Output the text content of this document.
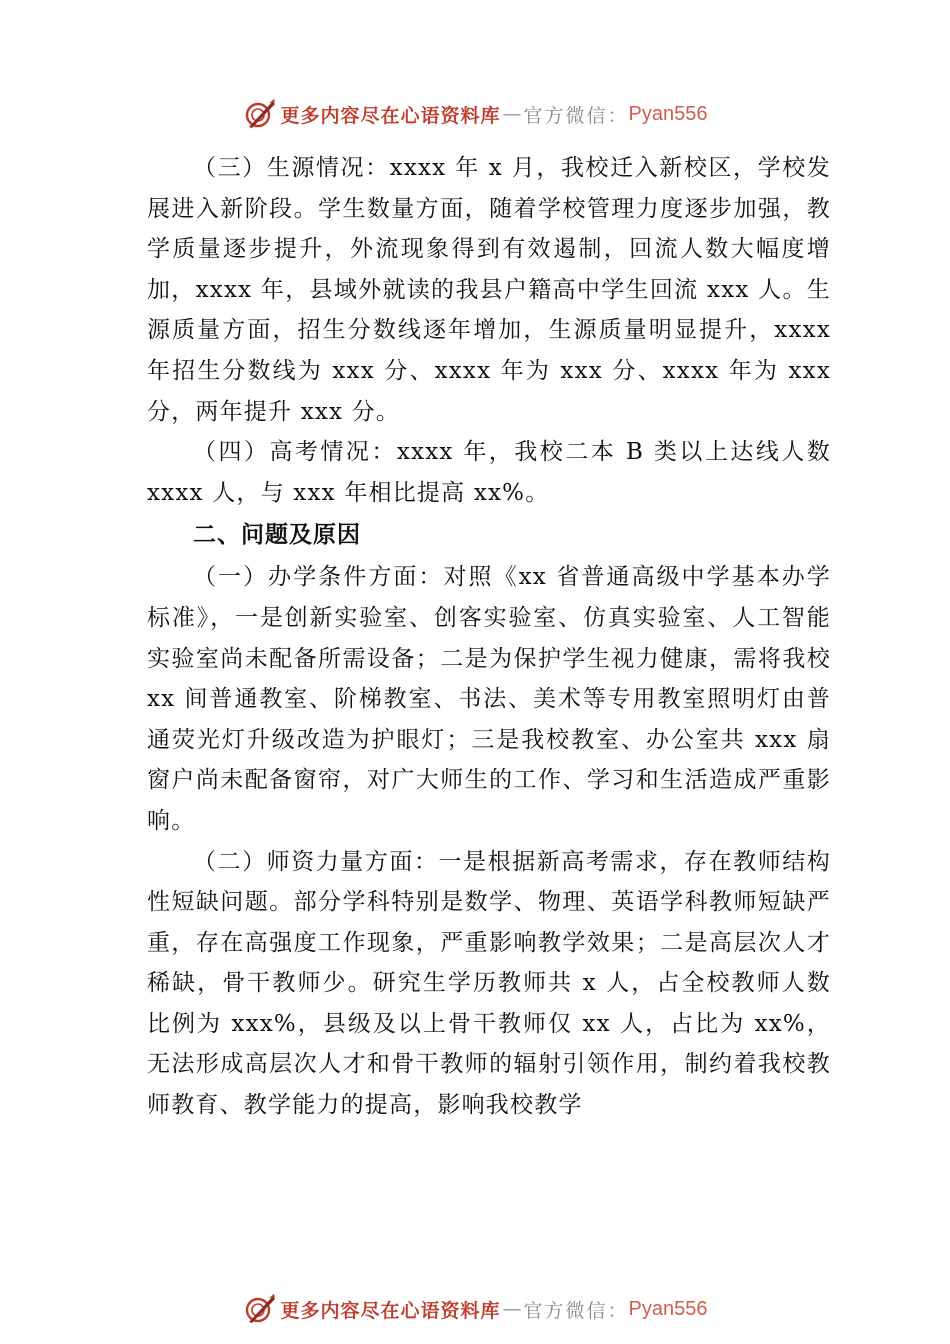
更多内容尽在心语资料库 — 官方微信： Pyan556

（三）生源情况：xxxx 年 x 月，我校迁入新校区，学校发展进入新阶段。学生数量方面，随着学校管理力度逐步加强，教学质量逐步提升，外流现象得到有效遏制，回流人数大幅度增加，xxxx 年，县域外就读的我县户籍高中学生回流 xxx 人。生源质量方面，招生分数线逐年增加，生源质量明显提升，xxxx 年招生分数线为 xxx 分、xxxx 年为 xxx 分、xxxx 年为 xxx 分，两年提升 xxx 分。

（四）高考情况：xxxx 年，我校二本 B 类以上达线人数 xxxx 人，与 xxx 年相比提高 xx%。

二、问题及原因

（一）办学条件方面：对照《xx 省普通高级中学基本办学标准》，一是创新实验室、创客实验室、仿真实验室、人工智能实验室尚未配备所需设备；二是为保护学生视力健康，需将我校 xx 间普通教室、阶梯教室、书法、美术等专用教室照明灯由普通荧光灯升级改造为护眼灯；三是我校教室、办公室共 xxx 扇窗户尚未配备窗帘，对广大师生的工作、学习和生活造成严重影响。

（二）师资力量方面：一是根据新高考需求，存在教师结构性短缺问题。部分学科特别是数学、物理、英语学科教师短缺严重，存在高强度工作现象，严重影响教学效果；二是高层次人才稀缺，骨干教师少。研究生学历教师共 x 人，占全校教师人数比例为 xxx%，县级及以上骨干教师仅 xx 人，占比为 xx%，无法形成高层次人才和骨干教师的辐射引领作用，制约着我校教师教育、教学能力的提高，影响我校教学

更多内容尽在心语资料库 — 官方微信： Pyan556
